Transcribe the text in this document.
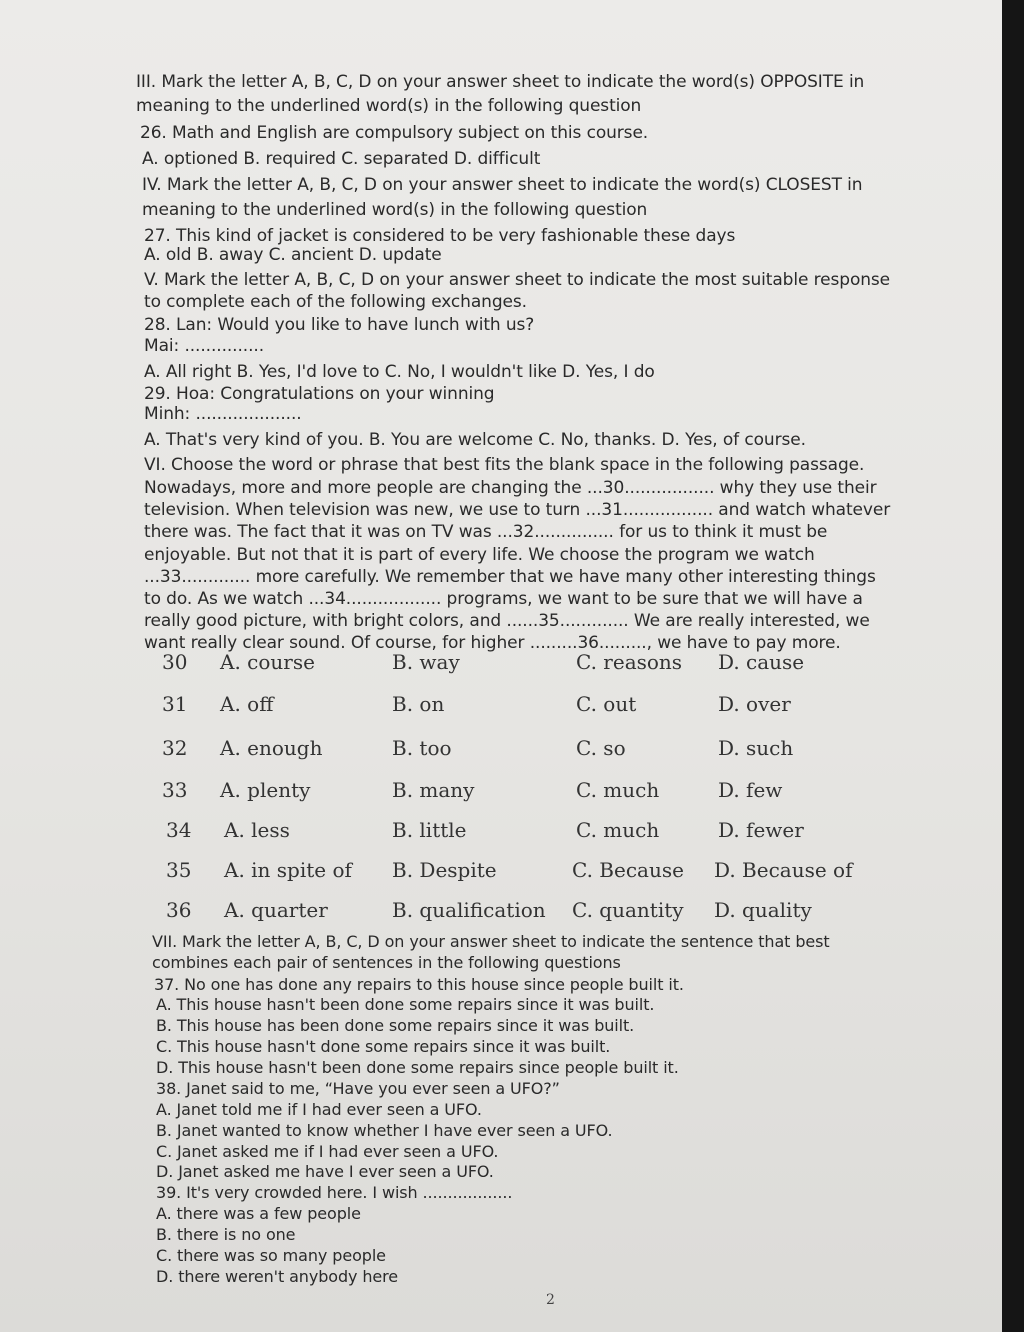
III. Mark the letter A, B, C, D on your answer sheet to indicate the word(s) OPPOSITE in
meaning to the underlined word(s) in the following question
26. Math and English are compulsory subject on this course.
A. optioned B. required C. separated D. difficult
IV. Mark the letter A, B, C, D on your answer sheet to indicate the word(s) CLOSEST in
meaning to the underlined word(s) in the following question
27. This kind of jacket is considered to be very fashionable these days
A. old B. away C. ancient D. update
V. Mark the letter A, B, C, D on your answer sheet to indicate the most suitable response
to complete each of the following exchanges.
28. Lan: Would you like to have lunch with us?
Mai: ...............
A. All right B. Yes, I'd love to C. No, I wouldn't like D. Yes, I do
29. Hoa: Congratulations on your winning
Minh: ....................
A. That's very kind of you. B. You are welcome C. No, thanks. D. Yes, of course.
VI. Choose the word or phrase that best fits the blank space in the following passage.
Nowadays, more and more people are changing the ...30................. why they use their
television. When television was new, we use to turn ...31................. and watch whatever
there was. The fact that it was on TV was ...32............... for us to think it must be
enjoyable. But not that it is part of every life. We choose the program we watch
...33............. more carefully. We remember that we have many other interesting things
to do. As we watch ...34.................. programs, we want to be sure that we will have a
really good picture, with bright colors, and ......35............. We are really interested, we
want really clear sound. Of course, for higher .........36........., we have to pay more.
30 A. course	B. way	C. reasons D. cause
31 A. off	B. on	C. out	D. over
32 A. enough	B. too	C. so	D. such
33 A. plenty	B. many	C. much	D. few
34 A. less	B. little	C. much	D. fewer
35 A. in spite of B. Despite	C. Because D. Because of
36 A. quarter	B. qualification C. quantity D. quality
VII. Mark the letter A, B, C, D on your answer sheet to indicate the sentence that best
combines each pair of sentences in the following questions
37. No one has done any repairs to this house since people built it.
A. This house hasn't been done some repairs since it was built.
B. This house has been done some repairs since it was built.
C. This house hasn't done some repairs since it was built.
D. This house hasn't been done some repairs since people built it.
38. Janet said to me, “Have you ever seen a UFO?”
A. Janet told me if I had ever seen a UFO.
B. Janet wanted to know whether I have ever seen a UFO.
C. Janet asked me if I had ever seen a UFO.
D. Janet asked me have I ever seen a UFO.
39. It's very crowded here. I wish ..................
A. there was a few people
B. there is no one
C. there was so many people
D. there weren't anybody here
2
